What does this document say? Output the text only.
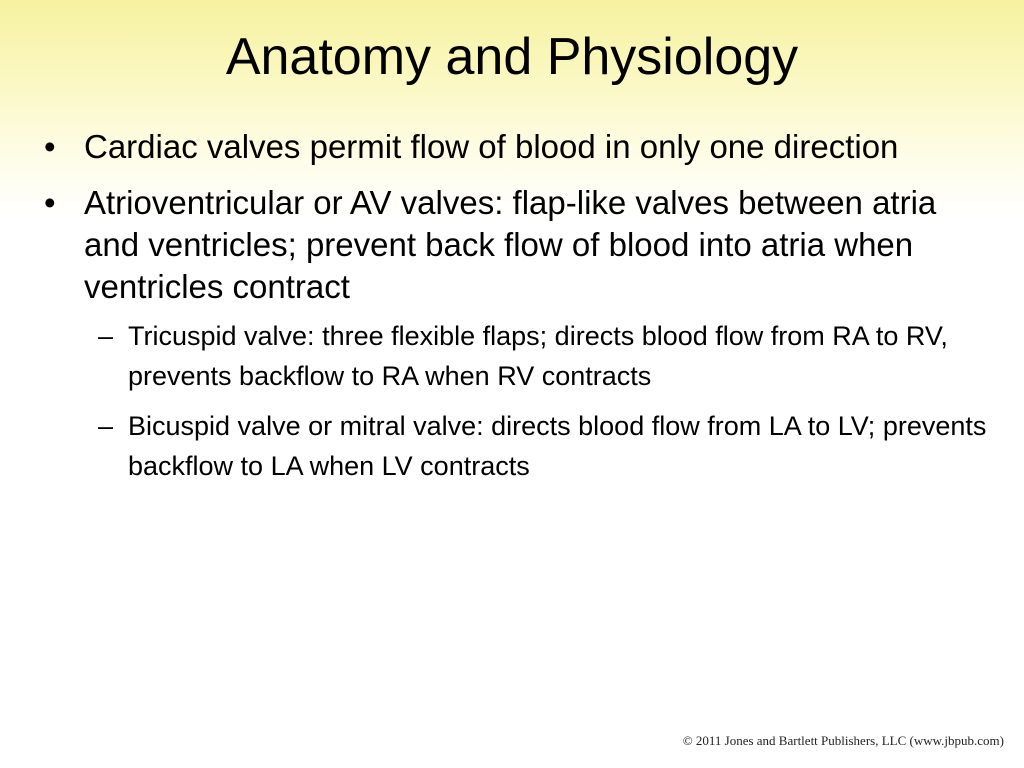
Anatomy and Physiology
• Cardiac valves permit flow of blood in only one direction
• Atrioventricular or AV valves: flap-like valves between atria and ventricles; prevent back flow of blood into atria when ventricles contract
– Tricuspid valve: three flexible flaps; directs blood flow from RA to RV, prevents backflow to RA when RV contracts
– Bicuspid valve or mitral valve: directs blood flow from LA to LV; prevents backflow to LA when LV contracts
© 2011 Jones and Bartlett Publishers, LLC (www.jbpub.com)
